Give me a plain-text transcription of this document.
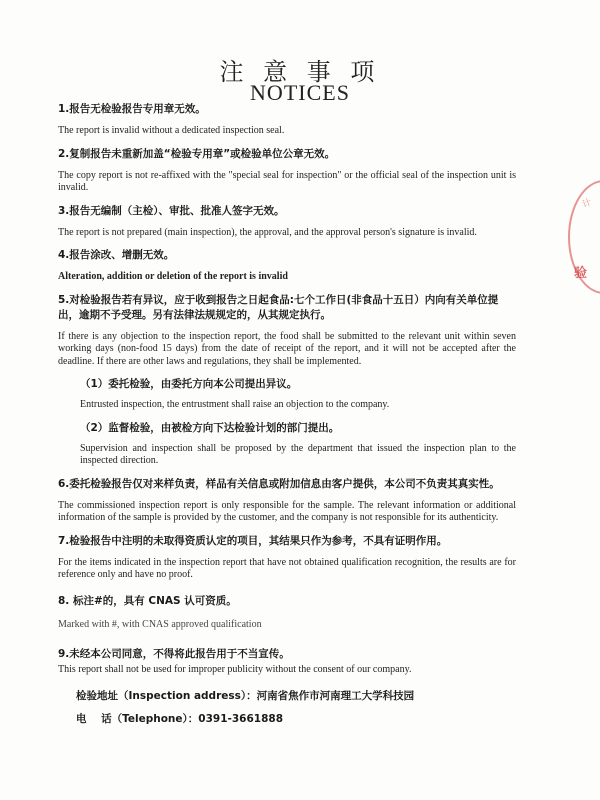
注 意 事 项
NOTICES

1.报告无检验报告专用章无效。

The report is invalid without a dedicated inspection seal.

2.复制报告未重新加盖“检验专用章”或检验单位公章无效。

The copy report is not re-affixed with the "special seal for inspection" or the official seal of the inspection unit is invalid.

3.报告无编制（主检）、审批、批准人签字无效。

The report is not prepared (main inspection), the approval, and the approval person's signature is invalid.

4.报告涂改、增删无效。

Alteration, addition or deletion of the report is invalid

5.对检验报告若有异议，应于收到报告之日起食品:七个工作日(非食品十五日）内向有关单位提出，逾期不予受理。另有法律法规规定的，从其规定执行。

If there is any objection to the inspection report, the food shall be submitted to the relevant unit within seven working days (non-food 15 days) from the date of receipt of the report, and it will not be accepted after the deadline. If there are other laws and regulations, they shall be implemented.

（1）委托检验，由委托方向本公司提出异议。

Entrusted inspection, the entrustment shall raise an objection to the company.

（2）监督检验，由被检方向下达检验计划的部门提出。

Supervision and inspection shall be proposed by the department that issued the inspection plan to the inspected direction.

6.委托检验报告仅对来样负责，样品有关信息或附加信息由客户提供，本公司不负责其真实性。

The commissioned inspection report is only responsible for the sample. The relevant information or additional information of the sample is provided by the customer, and the company is not responsible for its authenticity.

7.检验报告中注明的未取得资质认定的项目，其结果只作为参考，不具有证明作用。

For the items indicated in the inspection report that have not obtained qualification recognition, the results are for reference only and have no proof.

8. 标注#的，具有 CNAS 认可资质。

Marked with #, with CNAS approved qualification

9.未经本公司同意，不得将此报告用于不当宣传。

This report shall not be used for improper publicity without the consent of our company.

检验地址（Inspection address）：河南省焦作市河南理工大学科技园
电    话（Telephone）：0391-3661888
计
验
